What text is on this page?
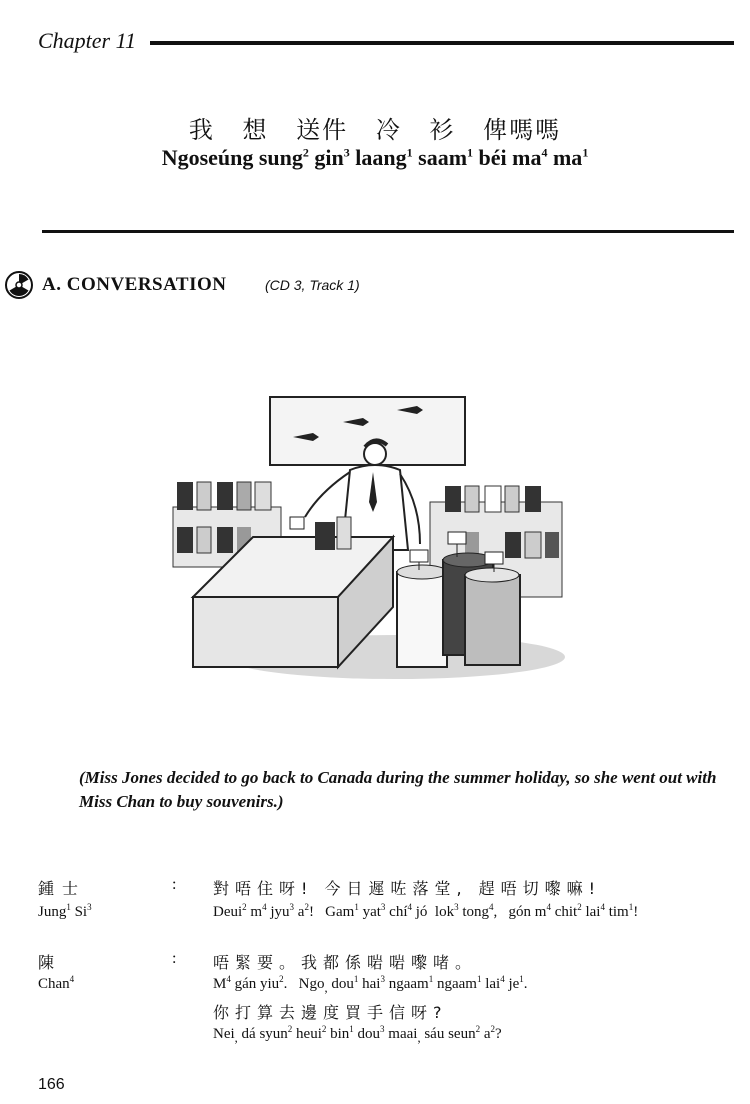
Chapter 11
我 想 送件 冷 衫 俾嗎嗎
Ngoseúng sung$^2$ gin$^3$ laang$^1$ saam$^1$ béi $ma^4$ $ma^1$
A. CONVERSATION	(CD 3, Track 1)
(Miss Jones decided to go back to Canada during the summer holiday, so she went out with Miss Chan to buy souvenirs.)
鍾士
Jung$^1$ Si$^3$
: 對唔住呀! 今日遲咗落堂, 趕唔切嚟嘛!
Deui$^2$ $m^4$ jyu$^3$ $a^2$!   Gam$^1$ yat$^3$ chí$^4$ jó  lok$^3$ tong$^4$,   gón $m^4$ chit$^2$ lai$^4$ tim$^1$!
陳
Chan$^4$
: 唔緊要。我都係啱啱嚟啫。
$M^4$ gán yiu$^2$.   Ngo$_,$ dou$^1$ hai$^3$ ngaam$^1$ ngaam$^1$ lai$^4$ $je^1$.
你打算去邊度買手信呀?
Nei$_,$ dá syun$^2$ heui$^2$ bin$^1$ dou$^3$ maai$_,$ sáu seun$^2$ $a^2$?
166
